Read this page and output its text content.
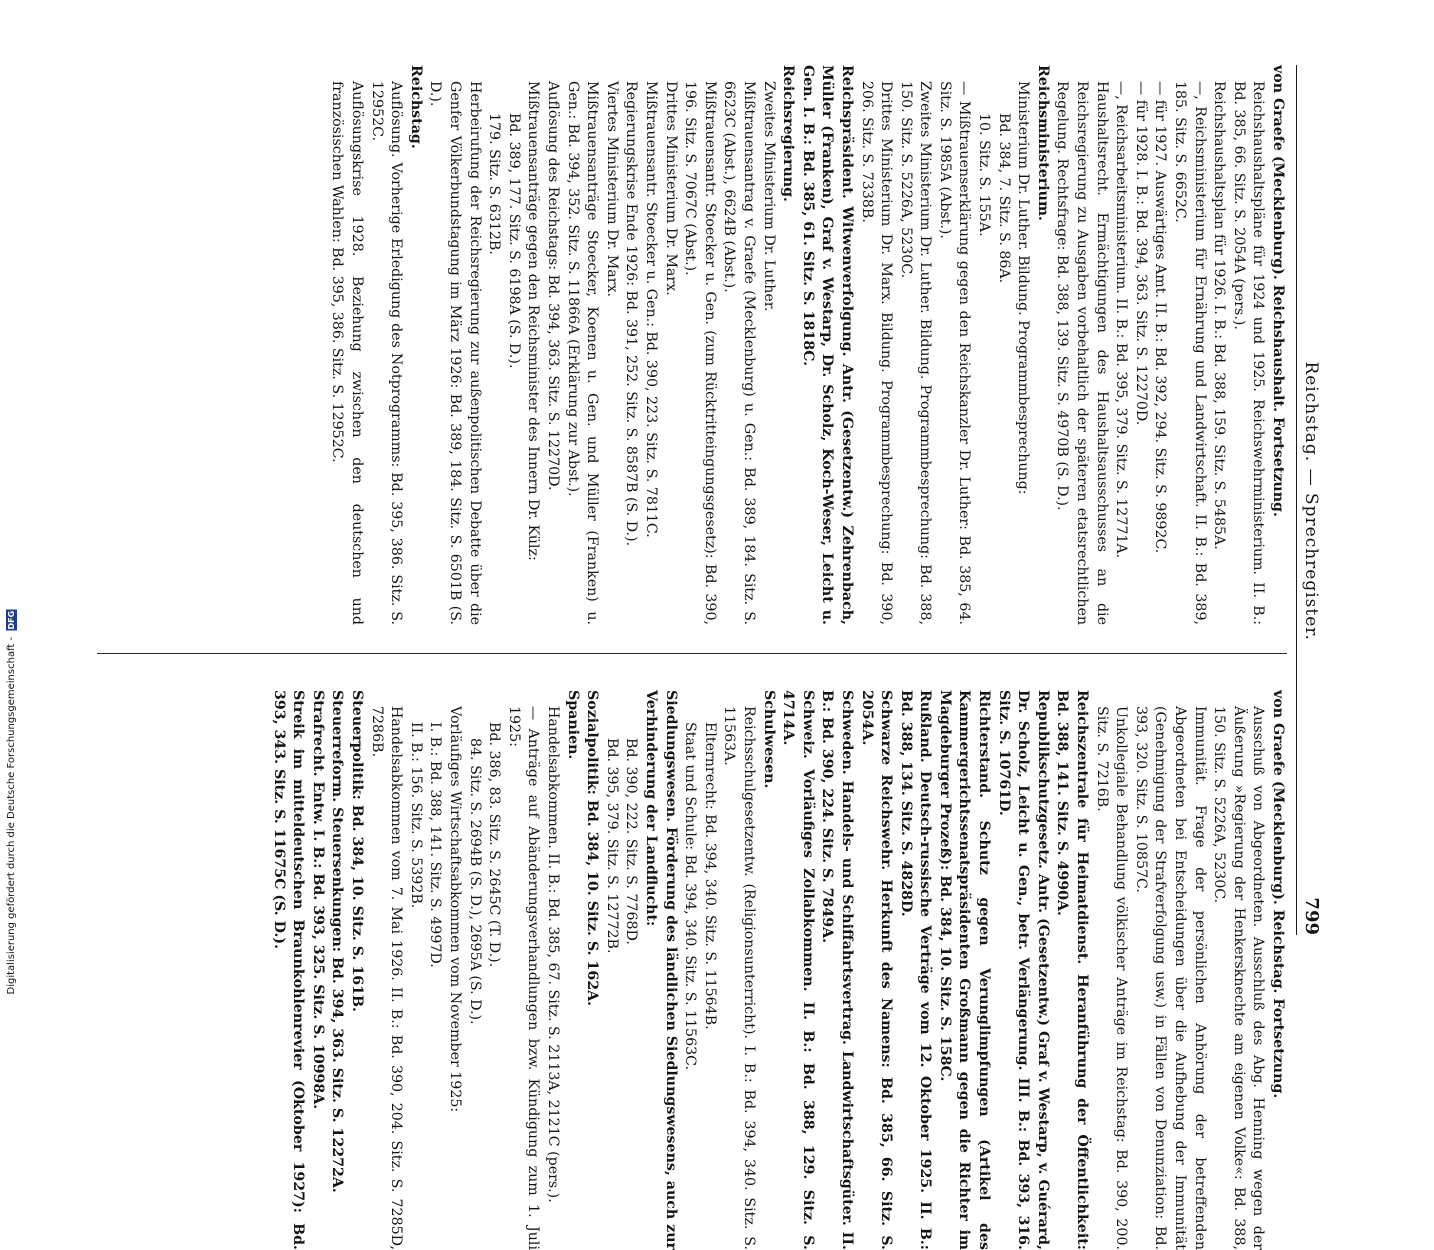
Reichstag. — Sprechregister.
799

von Graefe (Mecklenburg). Reichshaushalt. Fortsetzung.

Reichshaushaltspläne für 1924 und 1925. Reichswehrministerium. II. B.: Bd. 385, 66. Sitz. S. 2054A (pers.).

Reichshaushaltsplan für 1926. I. B.: Bd. 388, 159. Sitz. S. 5485A.

—, Reichsministerium für Ernährung und Landwirtschaft. II. B.: Bd. 389, 185. Sitz. S. 6652C.

— für 1927. Auswärtiges Amt. II. B.: Bd. 392, 294. Sitz. S. 9892C.

— für 1928. I. B.: Bd. 394, 363. Sitz. S. 12270D.

—, Reichsarbeitsministerium. II. B.: Bd. 395, 379. Sitz. S. 12771A.

Haushaltsrecht. Ermächtigungen des Haushaltsausschusses an die Reichsregierung zu Ausgaben vorbehaltlich der späteren etatsrechtlichen Regelung. Rechtsfrage: Bd. 388, 139. Sitz. S. 4970B (S. D.).

Reichsministerium.

Ministerium Dr. Luther. Bildung. Programmbesprechung:

Bd. 384, 7. Sitz. S. 86A.

10. Sitz. S. 155A.

— Mißtrauenserklärung gegen den Reichskanzler Dr. Luther: Bd. 385, 64. Sitz. S. 1985A (Abst.).

Zweites Ministerium Dr. Luther. Bildung. Programmbesprechung: Bd. 388, 150. Sitz. S. 5226A, 5230C.

Drittes Ministerium Dr. Marx. Bildung. Programmbesprechung: Bd. 390, 206. Sitz. S. 7338B.

Reichspräsident. Witwenverfolgung. Antr. (Gesetzentw.) Zehrenbach, Müller (Franken), Graf v. Westarp, Dr. Scholz, Koch-Weser, Leicht u. Gen. I. B.: Bd. 385, 61. Sitz. S. 1818C.

Reichsregierung.

Zweites Ministerium Dr. Luther.

Mißtrauensantrag v. Graefe (Mecklenburg) u. Gen.: Bd. 389, 184. Sitz. S. 6623C (Abst.), 6624B (Abst.).

Mißtrauensantr. Stoecker u. Gen. (zum Rücktritteingungsgesetz): Bd. 390, 196. Sitz. S. 7067C (Abst.).

Drittes Ministerium Dr. Marx.

Mißtrauensantr. Stoecker u. Gen.: Bd. 390, 223. Sitz. S. 7811C.

Regierungskrise Ende 1926: Bd. 391, 252. Sitz. S. 8587B (S. D.).

Viertes Ministerium Dr. Marx.

Mißtrauensanträge Stoecker, Koenen u. Gen. und Müller (Franken) u. Gen.: Bd. 394, 352. Sitz. S. 11866A (Erklärung zur Abst.).

Auflösung des Reichstags: Bd. 394, 363. Sitz. S. 12270D.

Mißtrauensanträge gegen den Reichsminister des Innern Dr. Külz:

Bd. 389, 177. Sitz. S. 6198A (S. D.).

179. Sitz. S. 6312B.

Herbeirufung der Reichsregierung zur außenpolitischen Debatte über die Genfer Völkerbundstagung im März 1926: Bd. 389, 184. Sitz. S. 6501B (S. D.).

Reichstag.

Auflösung. Vorherige Erledigung des Notprogramms: Bd. 395, 386. Sitz. S. 12952C.

Auflösungskrise 1928. Beziehung zwischen den deutschen und französischen Wahlen: Bd. 395, 386. Sitz. S. 12952C.

von Graefe (Mecklenburg). Reichstag. Fortsetzung.

Ausschuß von Abgeordneten. Ausschluß des Abg. Henning wegen der Äußerung »Regierung der Henkersknechte am eigenen Volke«: Bd. 388, 150. Sitz. S. 5226A, 5230C.

Immunität. Frage der persönlichen Anhörung der betreffenden Abgeordneten bei Entscheidungen über die Aufhebung der Immunität (Genehmigung der Strafverfolgung usw.) in Fällen von Denunziation: Bd. 393, 320. Sitz. S. 10857C.

Unkollegiale Behandlung völkischer Anträge im Reichstag: Bd. 390, 200. Sitz. S. 7216B.

Reichszentrale für Heimatdienst. Heranführung der Öffentlichkeit: Bd. 388, 141. Sitz. S. 4990A.

Republikschutzgesetz. Antr. (Gesetzentw.) Graf v. Westarp, v. Guérard, Dr. Scholz, Leicht u. Gen., betr. Verlängerung. III. B.: Bd. 393, 316. Sitz. S. 10761D.

Richterstand. Schutz gegen Verunglimpfungen (Artikel des Kammergerichtssenatspräsidenten Großmann gegen die Richter im Magdeburger Prozeß): Bd. 384, 10. Sitz. S. 158C.

Rußland. Deutsch-russische Verträge vom 12. Oktober 1925. II. B.: Bd. 388, 134. Sitz. S. 4828D.

Schwarze Reichswehr. Herkunft des Namens: Bd. 385, 66. Sitz. S. 2054A.

Schweden. Handels- und Schiffahrtsvertrag. Landwirtschaftsgüter. II. B.: Bd. 390, 224. Sitz. S. 7849A.

Schweiz. Vorläufiges Zollabkommen. II. B.: Bd. 388, 129. Sitz. S. 4714A.

Schulwesen.

Reichsschulgesetzentw. (Religionsunterricht). I. B.: Bd. 394, 340. Sitz. S. 11563A.

Elternrecht: Bd. 394, 340. Sitz. S. 11564B.

Staat und Schule: Bd. 394, 340. Sitz. S. 11563C.

Siedlungswesen. Förderung des ländlichen Siedlungswesens, auch zur Verhinderung der Landflucht:

Bd. 390, 222. Sitz. S. 7768D.

Bd. 395, 379. Sitz. S. 12772B.

Sozialpolitik: Bd. 384, 10. Sitz. S. 162A.

Spanien.

Handelsabkommen. II. B.: Bd. 385, 67. Sitz. S. 2113A, 2121C (pers.).

— Anträge auf Abänderungsverhandlungen bzw. Kündigung zum 1. Juli 1925:

Bd. 386, 83. Sitz. S. 2645C (T. D.).

84. Sitz. S. 2694B (S. D.), 2695A (S. D.).

Vorläufiges Wirtschaftsabkommen vom November 1925:

I. B.: Bd. 388, 141. Sitz. S. 4997D.

II. B.: 156. Sitz. S. 5392B.

Handelsabkommen vom 7. Mai 1926. II. B.: Bd. 390, 204. Sitz. S. 7285D, 7286B.

Steuerpolitik: Bd. 384, 10. Sitz. S. 161B.

Steuerreform. Steuersenkungen: Bd. 394, 363. Sitz. S. 12272A.

Strafrecht. Entw. I. B.: Bd. 393, 325. Sitz. S. 10998A.

Streik im mitteldeutschen Braunkohlenrevier (Oktober 1927): Bd. 393, 343. Sitz. S. 11675C (S. D.).

Digitalisierung gefördert durch die Deutsche Forschungsgemeinschaft - DFG
